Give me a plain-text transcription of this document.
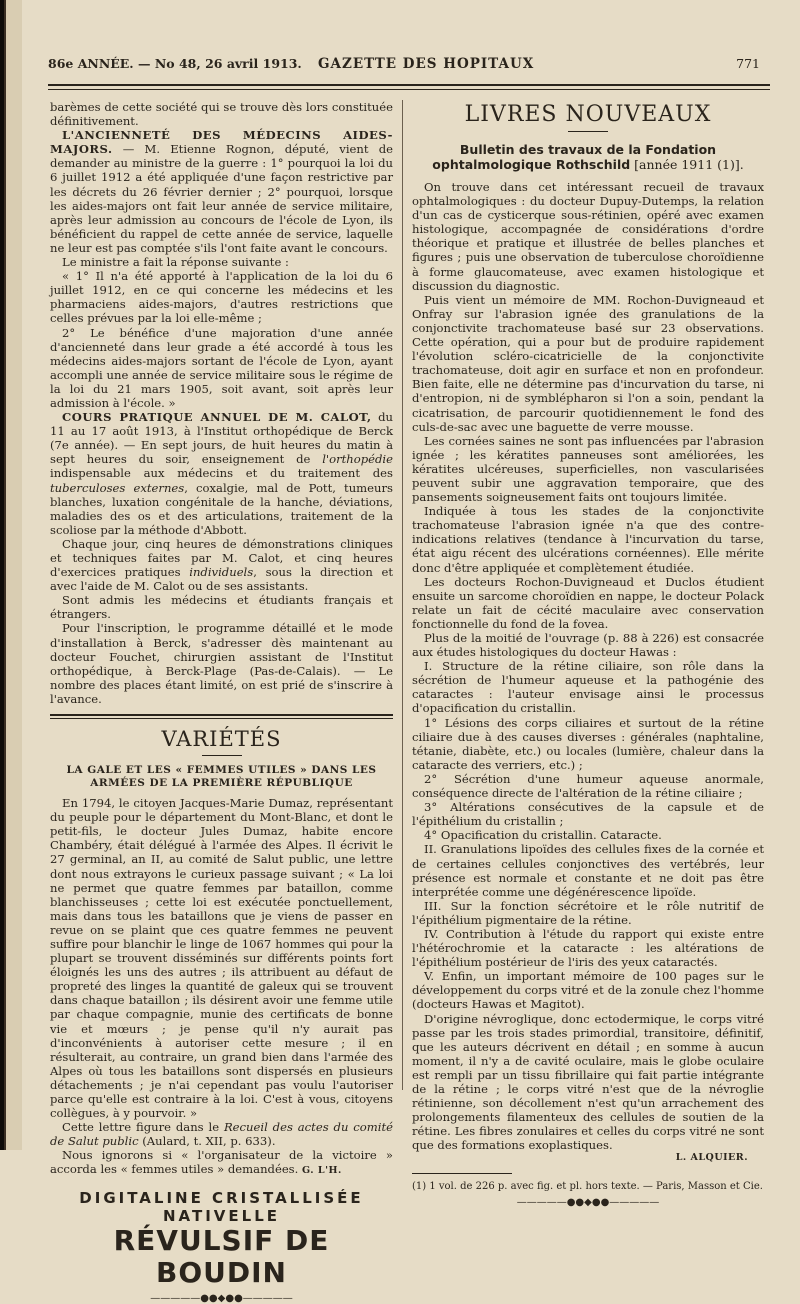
86e ANNÉE. — No 48, 26 avril 1913. GAZETTE DES HOPITAUX	771

barèmes de cette société qui se trouve dès lors constituée définitivement.

L'ANCIENNETÉ DES MÉDECINS AIDES-MAJORS. — M. Etienne Rognon, député, vient de demander au ministre de la guerre : 1° pourquoi la loi du 6 juillet 1912 a été appliquée d'une façon restrictive par les décrets du 26 février dernier ; 2° pourquoi, lorsque les aides-majors ont fait leur année de service militaire, après leur admission au concours de l'école de Lyon, ils bénéficient du rappel de cette année de service, laquelle ne leur est pas comptée s'ils l'ont faite avant le concours.

Le ministre a fait la réponse suivante :

« 1° Il n'a été apporté à l'application de la loi du 6 juillet 1912, en ce qui concerne les médecins et les pharmaciens aides-majors, d'autres restrictions que celles prévues par la loi elle-même ;

2° Le bénéfice d'une majoration d'une année d'ancienneté dans leur grade a été accordé à tous les médecins aides-majors sortant de l'école de Lyon, ayant accompli une année de service militaire sous le régime de la loi du 21 mars 1905, soit avant, soit après leur admission à l'école. »

COURS PRATIQUE ANNUEL DE M. CALOT, du 11 au 17 août 1913, à l'Institut orthopédique de Berck (7e année). — En sept jours, de huit heures du matin à sept heures du soir, enseignement de l'orthopédie indispensable aux médecins et du traitement des tuberculoses externes, coxalgie, mal de Pott, tumeurs blanches, luxation congénitale de la hanche, déviations, maladies des os et des articulations, traitement de la scoliose par la méthode d'Abbott.

Chaque jour, cinq heures de démonstrations cliniques et techniques faites par M. Calot, et cinq heures d'exercices pratiques individuels, sous la direction et avec l'aide de M. Calot ou de ses assistants.

Sont admis les médecins et étudiants français et étrangers.

Pour l'inscription, le programme détaillé et le mode d'installation à Berck, s'adresser dès maintenant au docteur Fouchet, chirurgien assistant de l'Institut orthopédique, à Berck-Plage (Pas-de-Calais). — Le nombre des places étant limité, on est prié de s'inscrire à l'avance.

VARIÉTÉS
LA GALE ET LES « FEMMES UTILES » DANS LES ARMÉES DE LA PREMIÈRE RÉPUBLIQUE

En 1794, le citoyen Jacques-Marie Dumaz, représentant du peuple pour le département du Mont-Blanc, et dont le petit-fils, le docteur Jules Dumaz, habite encore Chambéry, était délégué à l'armée des Alpes. Il écrivit le 27 germinal, an II, au comité de Salut public, une lettre dont nous extrayons le curieux passage suivant ; « La loi ne permet que quatre femmes par bataillon, comme blanchisseuses ; cette loi est exécutée ponctuellement, mais dans tous les bataillons que je viens de passer en revue on se plaint que ces quatre femmes ne peuvent suffire pour blanchir le linge de 1067 hommes qui pour la plupart se trouvent disséminés sur différents points fort éloignés les uns des autres ; ils attribuent au défaut de propreté des linges la quantité de galeux qui se trouvent dans chaque bataillon ; ils désirent avoir une femme utile par chaque compagnie, munie des certificats de bonne vie et mœurs ; je pense qu'il n'y aurait pas d'inconvénients à autoriser cette mesure ; il en résulterait, au contraire, un grand bien dans l'armée des Alpes où tous les bataillons sont dispersés en plusieurs détachements ; je n'ai cependant pas voulu l'autoriser parce qu'elle est contraire à la loi. C'est à vous, citoyens collègues, à y pourvoir. »

Cette lettre figure dans le Recueil des actes du comité de Salut public (Aulard, t. XII, p. 633).

Nous ignorons si « l'organisateur de la victoire » accorda les « femmes utiles » demandées. G. L'H.

DIGITALINE CRISTALLISÉE NATIVELLE
RÉVULSIF DE BOUDIN
—————●●◆●●—————
LIVRES NOUVEAUX
Bulletin des travaux de la Fondation ophtalmologique Rothschild [année 1911 (1)].

On trouve dans cet intéressant recueil de travaux ophtalmologiques : du docteur Dupuy-Dutemps, la relation d'un cas de cysticerque sous-rétinien, opéré avec examen histologique, accompagnée de considérations d'ordre théorique et pratique et illustrée de belles planches et figures ; puis une observation de tuberculose choroïdienne à forme glaucomateuse, avec examen histologique et discussion du diagnostic.

Puis vient un mémoire de MM. Rochon-Duvigneaud et Onfray sur l'abrasion ignée des granulations de la conjonctivite trachomateuse basé sur 23 observations. Cette opération, qui a pour but de produire rapidement l'évolution scléro-cicatricielle de la conjonctivite trachomateuse, doit agir en surface et non en profondeur. Bien faite, elle ne détermine pas d'incurvation du tarse, ni d'entropion, ni de symblépharon si l'on a soin, pendant la cicatrisation, de parcourir quotidiennement le fond des culs-de-sac avec une baguette de verre mousse.

Les cornées saines ne sont pas influencées par l'abrasion ignée ; les kératites panneuses sont améliorées, les kératites ulcéreuses, superficielles, non vascularisées peuvent subir une aggravation temporaire, que des pansements soigneusement faits ont toujours limitée.

Indiquée à tous les stades de la conjonctivite trachomateuse l'abrasion ignée n'a que des contre-indications relatives (tendance à l'incurvation du tarse, état aigu récent des ulcérations cornéennes). Elle mérite donc d'être appliquée et complètement étudiée.

Les docteurs Rochon-Duvigneaud et Duclos étudient ensuite un sarcome choroïdien en nappe, le docteur Polack relate un fait de cécité maculaire avec conservation fonctionnelle du fond de la fovea.

Plus de la moitié de l'ouvrage (p. 88 à 226) est consacrée aux études histologiques du docteur Hawas :

I. Structure de la rétine ciliaire, son rôle dans la sécrétion de l'humeur aqueuse et la pathogénie des cataractes : l'auteur envisage ainsi le processus d'opacification du cristallin.

1° Lésions des corps ciliaires et surtout de la rétine ciliaire due à des causes diverses : générales (naphtaline, tétanie, diabète, etc.) ou locales (lumière, chaleur dans la cataracte des verriers, etc.) ;

2° Sécrétion d'une humeur aqueuse anormale, conséquence directe de l'altération de la rétine ciliaire ;

3° Altérations consécutives de la capsule et de l'épithélium du cristallin ;

4° Opacification du cristallin. Cataracte.

II. Granulations lipoïdes des cellules fixes de la cornée et de certaines cellules conjonctives des vertébrés, leur présence est normale et constante et ne doit pas être interprétée comme une dégénérescence lipoïde.

III. Sur la fonction sécrétoire et le rôle nutritif de l'épithélium pigmentaire de la rétine.

IV. Contribution à l'étude du rapport qui existe entre l'hétérochromie et la cataracte : les altérations de l'épithélium postérieur de l'iris des yeux cataractés.

V. Enfin, un important mémoire de 100 pages sur le développement du corps vitré et de la zonule chez l'homme (docteurs Hawas et Magitot).

D'origine névroglique, donc ectodermique, le corps vitré passe par les trois stades primordial, transitoire, définitif, que les auteurs décrivent en détail ; en somme à aucun moment, il n'y a de cavité oculaire, mais le globe oculaire est rempli par un tissu fibrillaire qui fait partie intégrante de la rétine ; le corps vitré n'est que de la névroglie rétinienne, son décollement n'est qu'un arrachement des prolongements filamenteux des cellules de soutien de la rétine. Les fibres zonulaires et celles du corps vitré ne sont que des formations exoplastiques.

L. ALQUIER.
(1) 1 vol. de 226 p. avec fig. et pl. hors texte. — Paris, Masson et Cie.
—————●●◆●●—————
